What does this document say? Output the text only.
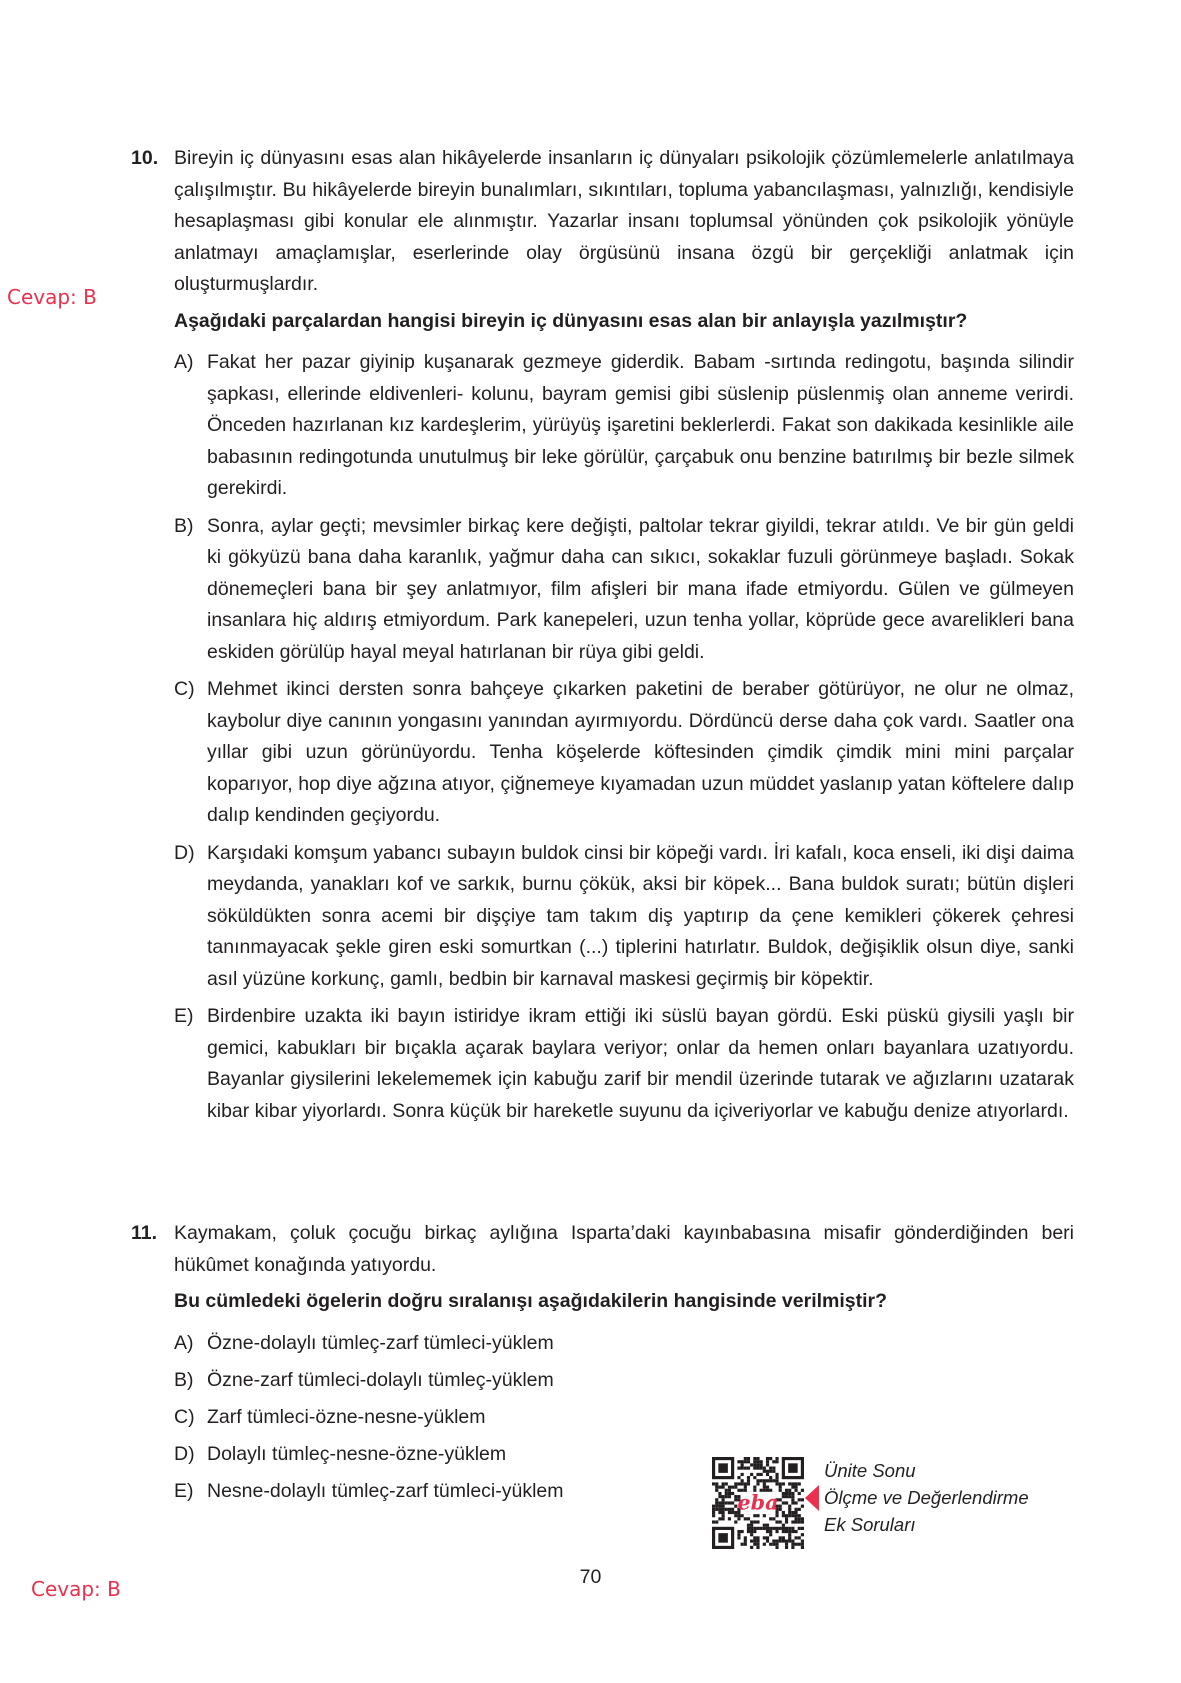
Cevap: B
10. Bireyin iç dünyasını esas alan hikâyelerde insanların iç dünyaları psikolojik çözümlemelerle anlatılmaya çalışılmıştır. Bu hikâyelerde bireyin bunalımları, sıkıntıları, topluma yabancılaşması, yalnızlığı, kendisiyle hesaplaşması gibi konular ele alınmıştır. Yazarlar insanı toplumsal yönünden çok psikolojik yönüyle anlatmayı amaçlamışlar, eserlerinde olay örgüsünü insana özgü bir gerçekliği anlatmak için oluşturmuşlardır.

Aşağıdaki parçalardan hangisi bireyin iç dünyasını esas alan bir anlayışla yazılmıştır?

A) Fakat her pazar giyinip kuşanarak gezmeye giderdik. Babam -sırtında redingotu, başında silindir şapkası, ellerinde eldivenleri- kolunu, bayram gemisi gibi süslenip püslenmiş olan anneme verirdi. Önceden hazırlanan kız kardeşlerim, yürüyüş işaretini beklerlerdi. Fakat son dakikada kesinlikle aile babasının redingotunda unutulmuş bir leke görülür, çarçabuk onu benzine batırılmış bir bezle silmek gerekirdi.
B) Sonra, aylar geçti; mevsimler birkaç kere değişti, paltolar tekrar giyildi, tekrar atıldı. Ve bir gün geldi ki gökyüzü bana daha karanlık, yağmur daha can sıkıcı, sokaklar fuzuli görünmeye başladı. Sokak dönemeçleri bana bir şey anlatmıyor, film afişleri bir mana ifade etmiyordu. Gülen ve gülmeyen insanlara hiç aldırış etmiyordum. Park kanepeleri, uzun tenha yollar, köprüde gece avarelikleri bana eskiden görülüp hayal meyal hatırlanan bir rüya gibi geldi.
C) Mehmet ikinci dersten sonra bahçeye çıkarken paketini de beraber götürüyor, ne olur ne olmaz, kaybolur diye canının yongasını yanından ayırmıyordu. Dördüncü derse daha çok vardı. Saatler ona yıllar gibi uzun görünüyordu. Tenha köşelerde köftesinden çimdik çimdik mini mini parçalar koparıyor, hop diye ağzına atıyor, çiğnemeye kıyamadan uzun müddet yaslanıp yatan köftelere dalıp dalıp kendinden geçiyordu.
D) Karşıdaki komşum yabancı subayın buldok cinsi bir köpeği vardı. İri kafalı, koca enseli, iki dişi daima meydanda, yanakları kof ve sarkık, burnu çökük, aksi bir köpek... Bana buldok suratı; bütün dişleri söküldükten sonra acemi bir dişçiye tam takım diş yaptırıp da çene kemikleri çökerek çehresi tanınmayacak şekle giren eski somurtkan (...) tiplerini hatırlatır. Buldok, değişiklik olsun diye, sanki asıl yüzüne korkunç, gamlı, bedbin bir karnaval maskesi geçirmiş bir köpektir.
E) Birdenbire uzakta iki bayın istiridye ikram ettiği iki süslü bayan gördü. Eski püskü giysili yaşlı bir gemici, kabukları bir bıçakla açarak baylara veriyor; onlar da hemen onları bayanlara uzatıyordu. Bayanlar giysilerini lekelememek için kabuğu zarif bir mendil üzerinde tutarak ve ağızlarını uzatarak kibar kibar yiyorlardı. Sonra küçük bir hareketle suyunu da içiveriyorlar ve kabuğu denize atıyorlardı.
11. Kaymakam, çoluk çocuğu birkaç aylığına Isparta’daki kayınbabasına misafir gönderdiğinden beri hükûmet konağında yatıyordu.

Bu cümledeki ögelerin doğru sıralanışı aşağıdakilerin hangisinde verilmiştir?

A) Özne-dolaylı tümleç-zarf tümleci-yüklem
B) Özne-zarf tümleci-dolaylı tümleç-yüklem
C) Zarf tümleci-özne-nesne-yüklem
D) Dolaylı tümleç-nesne-özne-yüklem
E) Nesne-dolaylı tümleç-zarf tümleci-yüklem
eba
Ünite Sonu
Ölçme ve Değerlendirme
Ek Soruları
Cevap: B	70
